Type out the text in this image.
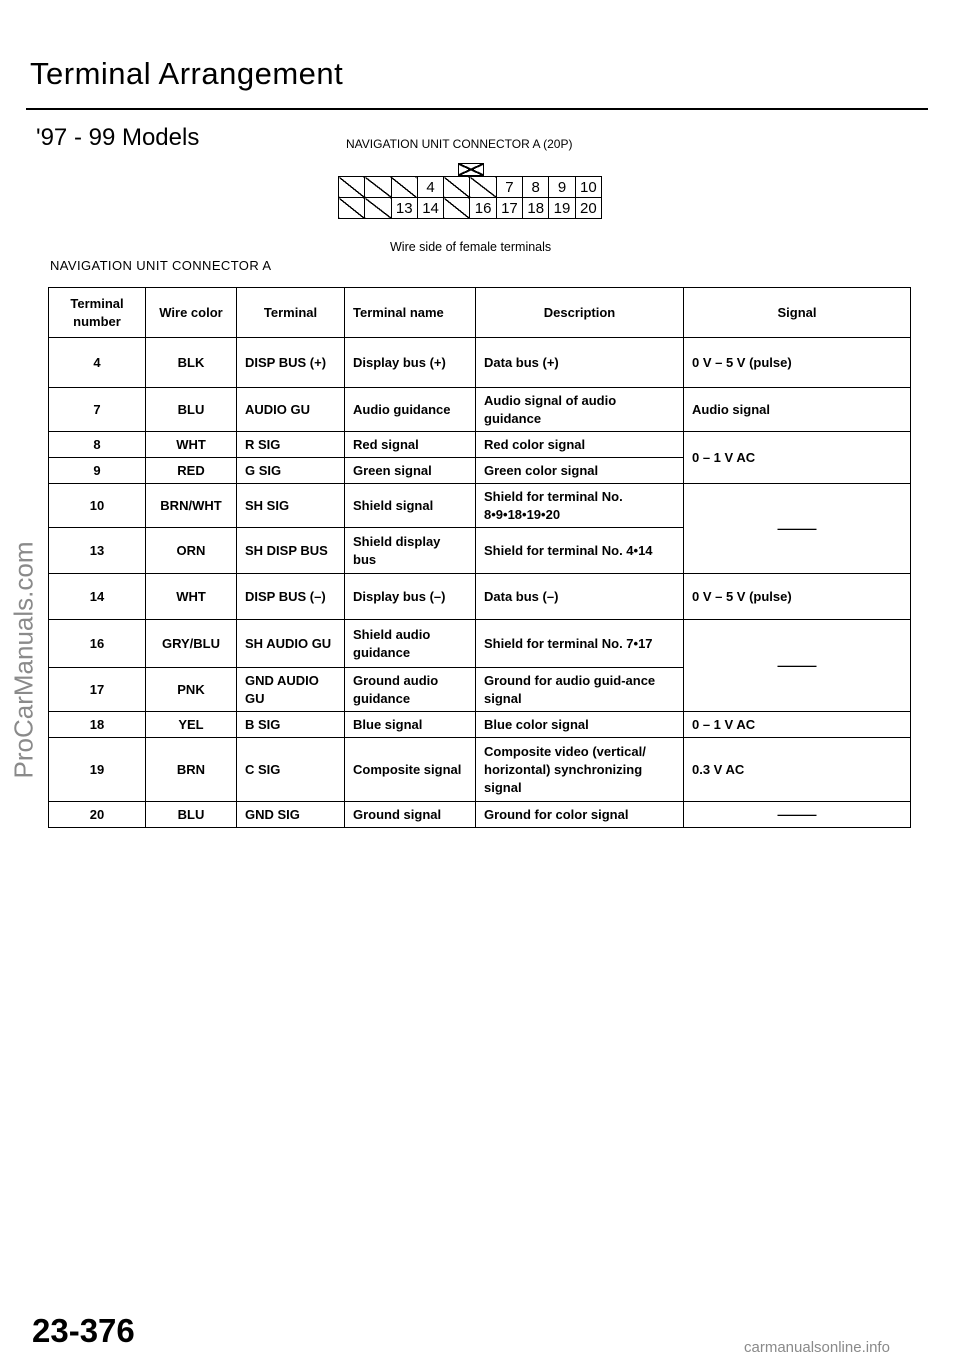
Terminal Arrangement
'97 - 99 Models	NAVIGATION UNIT CONNECTOR A (20P)
			4			7	8	9	10
		13	14		16	17	18	19	20
Wire side of female terminals
NAVIGATION UNIT CONNECTOR A
Terminal number	Wire color	Terminal	Terminal name	Description	Signal
4	BLK	DISP BUS (+)	Display bus (+)	Data bus (+)	0 V – 5 V (pulse)
7	BLU	AUDIO GU	Audio guidance	Audio signal of audio guidance	Audio signal
8	WHT	R SIG	Red signal	Red color signal	0 – 1 V AC
9	RED	G SIG	Green signal	Green color signal	
10	BRN/WHT	SH SIG	Shield signal	Shield for terminal No. 8•9•18•19•20	———
13	ORN	SH DISP BUS	Shield display bus	Shield for terminal No. 4•14	
14	WHT	DISP BUS (–)	Display bus (–)	Data bus (–)	0 V – 5 V (pulse)
16	GRY/BLU	SH AUDIO GU	Shield audio guidance	Shield for terminal No. 7•17	———
17	PNK	GND AUDIO GU	Ground audio guidance	Ground for audio guid-ance signal	
18	YEL	B SIG	Blue signal	Blue color signal	0 – 1 V AC
19	BRN	C SIG	Composite signal	Composite video (vertical/ horizontal) synchronizing signal	0.3 V AC
20	BLU	GND SIG	Ground signal	Ground for color signal	———
ProCarManuals.com
23-376	carmanualsonline.info
